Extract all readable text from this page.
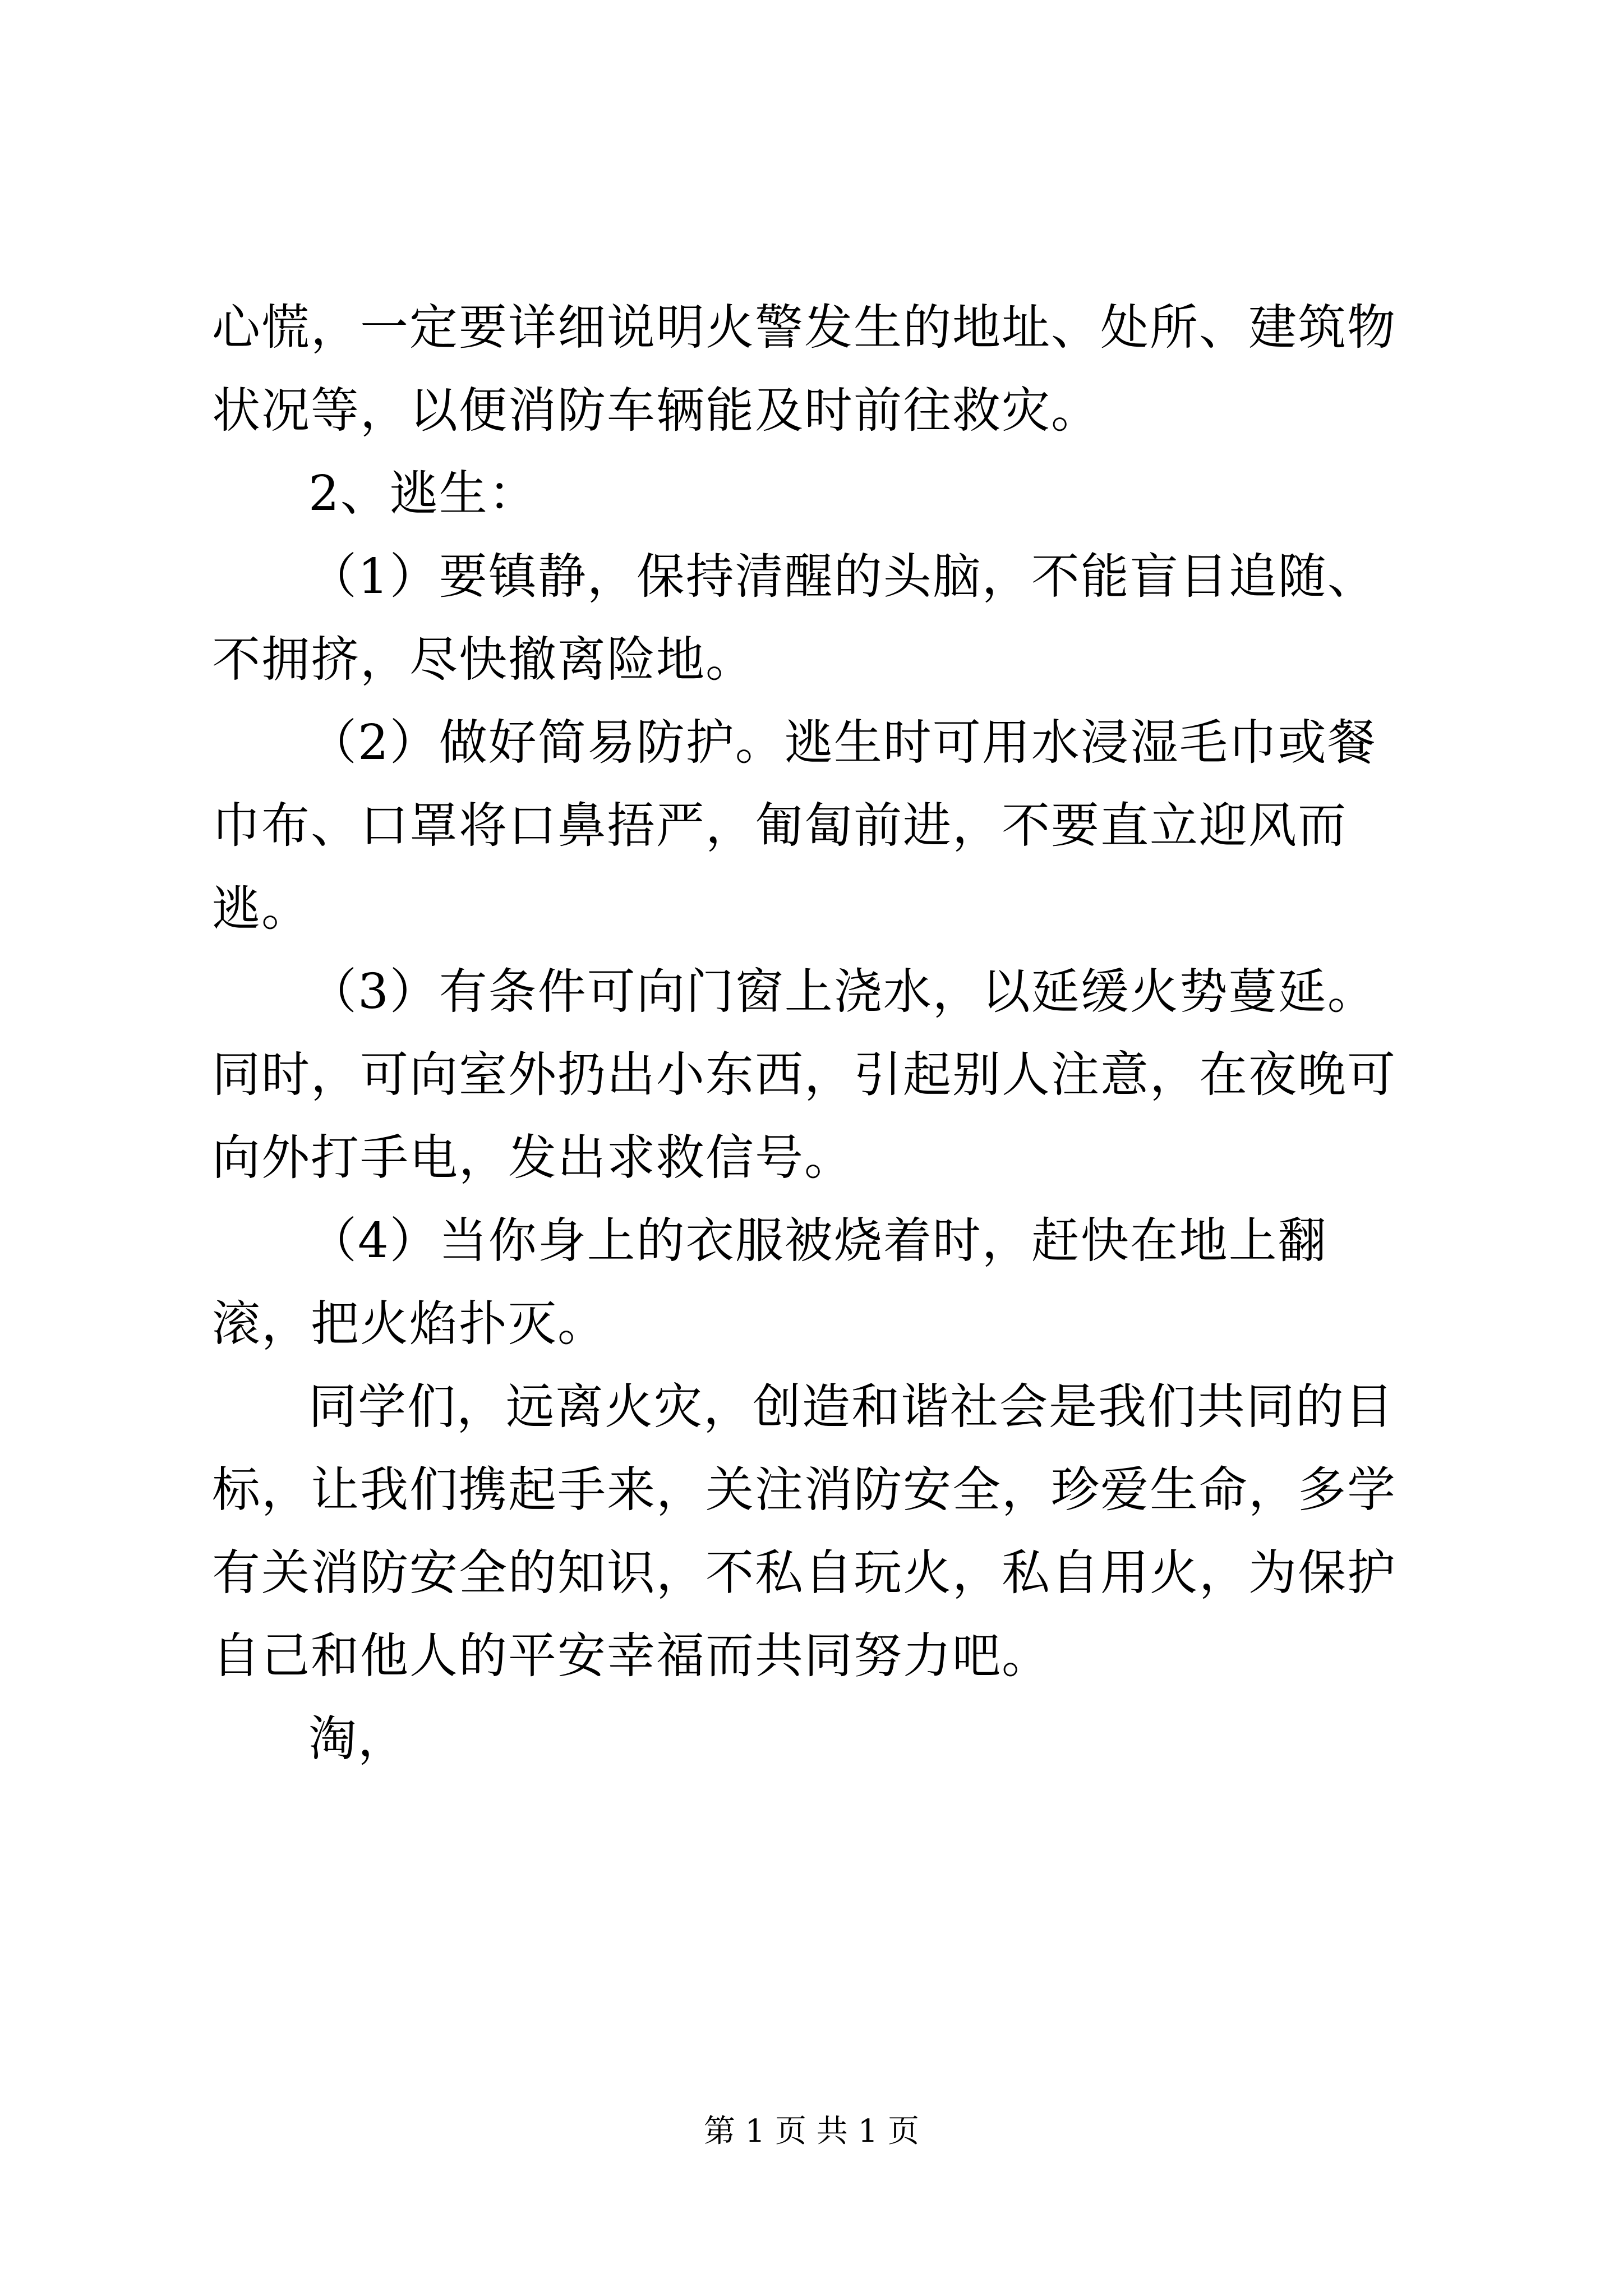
心慌，一定要详细说明火警发生的地址、处所、建筑物状况等，以便消防车辆能及时前往救灾。

2、逃生：

（1）要镇静，保持清醒的头脑，不能盲目追随、不拥挤，尽快撤离险地。

（2）做好简易防护。逃生时可用水浸湿毛巾或餐巾布、口罩将口鼻捂严，匍匐前进，不要直立迎风而逃。

（3）有条件可向门窗上浇水，以延缓火势蔓延。同时，可向室外扔出小东西，引起别人注意，在夜晚可向外打手电，发出求救信号。

（4）当你身上的衣服被烧着时，赶快在地上翻滚，把火焰扑灭。

同学们，远离火灾，创造和谐社会是我们共同的目标，让我们携起手来，关注消防安全，珍爱生命，多学有关消防安全的知识，不私自玩火，私自用火，为保护自己和他人的平安幸福而共同努力吧。

淘，

第 1 页 共 1 页
